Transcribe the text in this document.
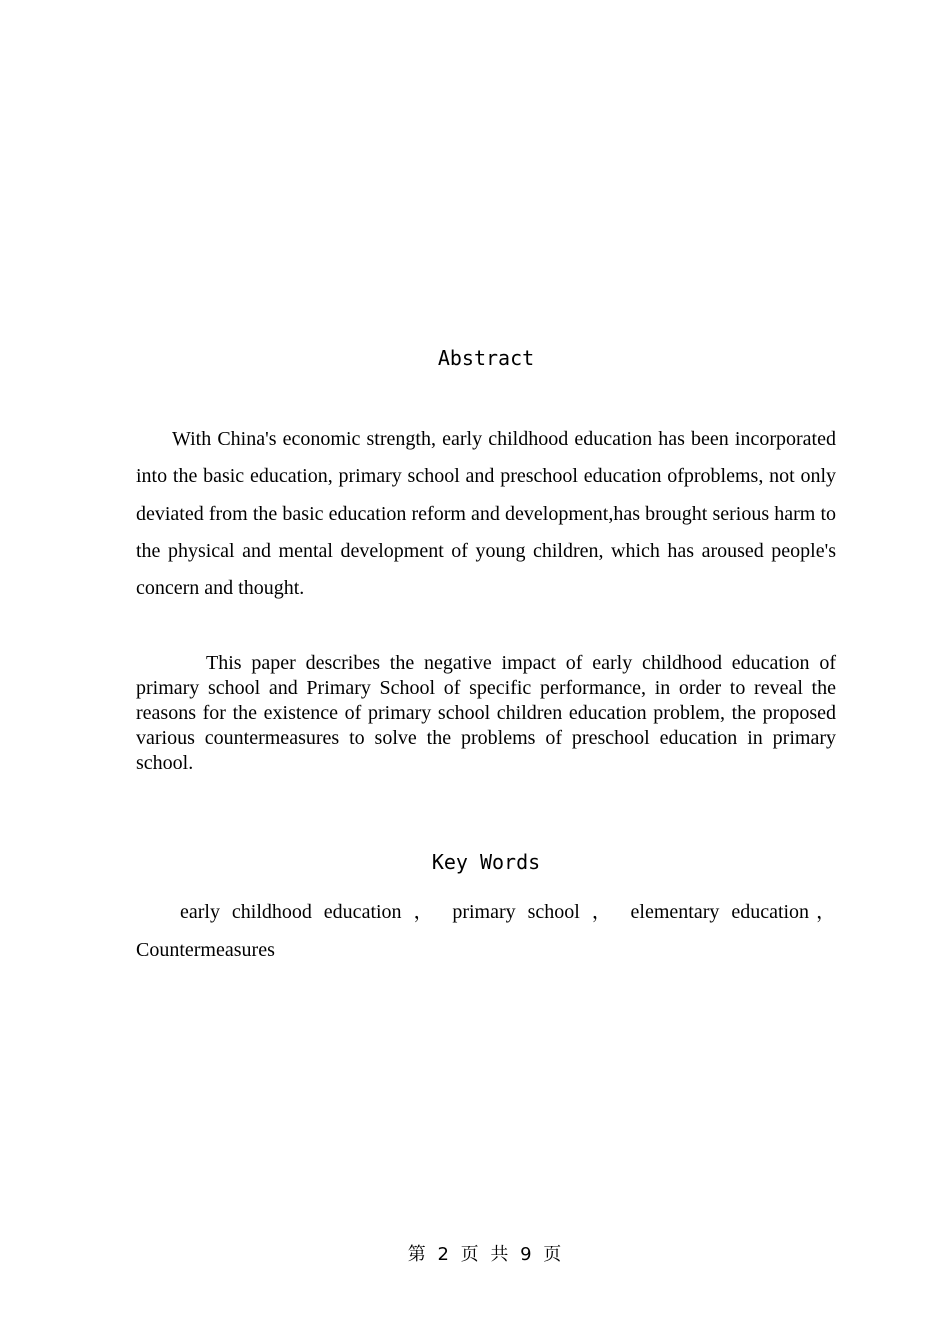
Abstract

With China's economic strength, early childhood education has been incorporated into the basic education, primary school and preschool education ofproblems, not only deviated from the basic education reform and development,has brought serious harm to the physical and mental development of young children, which has aroused people's concern and thought.

This paper describes the negative impact of early childhood education of primary school and Primary School of specific performance, in order to reveal the reasons for the existence of primary school children education problem, the proposed various countermeasures to solve the problems of preschool education in primary school.

Key Words

early childhood education ， primary school ， elementary education，Countermeasures

第 2 页 共 9 页
